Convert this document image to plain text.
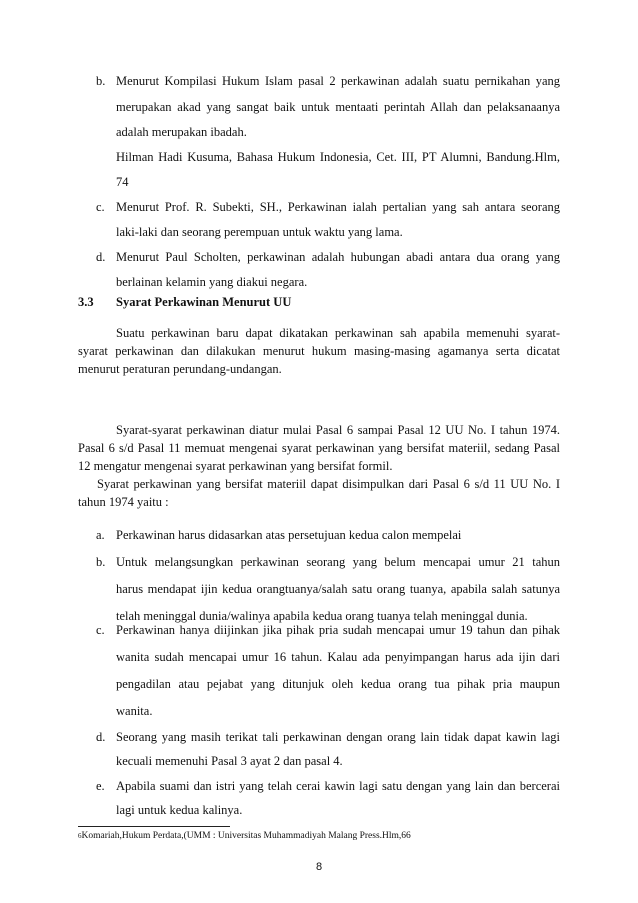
b. Menurut Kompilasi Hukum Islam pasal 2 perkawinan adalah suatu pernikahan yang
merupakan akad yang sangat baik untuk mentaati perintah Allah dan pelaksanaanya
adalah merupakan ibadah.
Hilman Hadi Kusuma, Bahasa Hukum Indonesia, Cet. III, PT Alumni, Bandung.Hlm,
74
c. Menurut Prof. R. Subekti, SH., Perkawinan ialah pertalian yang sah antara seorang
laki-laki dan seorang perempuan untuk waktu yang lama.
d. Menurut Paul Scholten, perkawinan adalah hubungan abadi antara dua orang yang
berlainan kelamin yang diakui negara.
3.3 Syarat Perkawinan Menurut UU
Suatu perkawinan baru dapat dikatakan perkawinan sah apabila memenuhi syarat-
syarat perkawinan dan dilakukan menurut hukum masing-masing agamanya serta dicatat
menurut peraturan perundang-undangan.
Syarat-syarat perkawinan diatur mulai Pasal 6 sampai Pasal 12 UU No. I tahun 1974.
Pasal 6 s/d Pasal 11 memuat mengenai syarat perkawinan yang bersifat materiil, sedang Pasal
12 mengatur mengenai syarat perkawinan yang bersifat formil.
Syarat perkawinan yang bersifat materiil dapat disimpulkan dari Pasal 6 s/d 11 UU No. I
tahun 1974 yaitu :
a. Perkawinan harus didasarkan atas persetujuan kedua calon mempelai
b. Untuk melangsungkan perkawinan seorang yang belum mencapai umur 21 tahun
harus mendapat ijin kedua orangtuanya/salah satu orang tuanya, apabila salah satunya
telah meninggal dunia/walinya apabila kedua orang tuanya telah meninggal dunia.
c. Perkawinan hanya diijinkan jika pihak pria sudah mencapai umur 19 tahun dan pihak
wanita sudah mencapai umur 16 tahun. Kalau ada penyimpangan harus ada ijin dari
pengadilan atau pejabat yang ditunjuk oleh kedua orang tua pihak pria maupun
wanita.
$^6$Komariah,Hukum Perdata,(UMM : Universitas Muhammadiyah Malang Press.Hlm,66
8
d. Seorang yang masih terikat tali perkawinan dengan orang lain tidak dapat kawin lagi
kecuali memenuhi Pasal 3 ayat 2 dan pasal 4.
e. Apabila suami dan istri yang telah cerai kawin lagi satu dengan yang lain dan bercerai
lagi untuk kedua kalinya.
